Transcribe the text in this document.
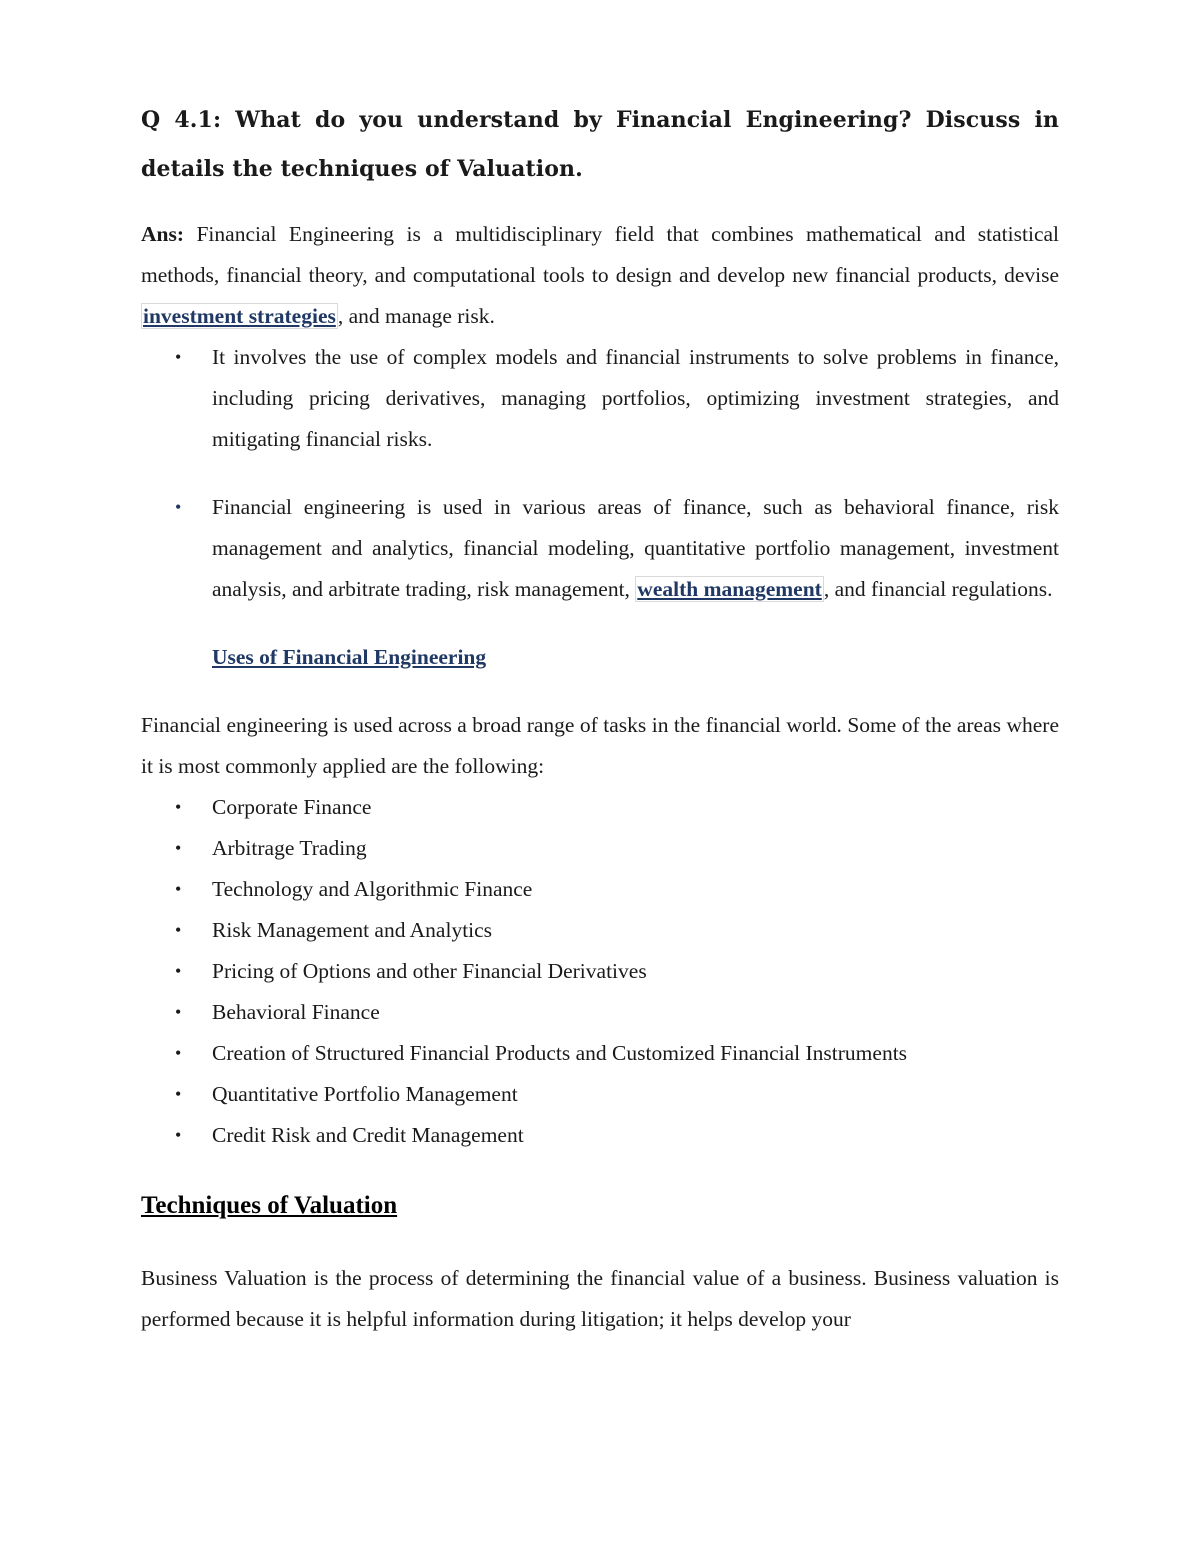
Q 4.1: What do you understand by Financial Engineering? Discuss in details the techniques of Valuation.

Ans: Financial Engineering is a multidisciplinary field that combines mathematical and statistical methods, financial theory, and computational tools to design and develop new financial products, devise investment strategies, and manage risk.

•	It involves the use of complex models and financial instruments to solve problems in finance, including pricing derivatives, managing portfolios, optimizing investment strategies, and mitigating financial risks.
•	Financial engineering is used in various areas of finance, such as behavioral finance, risk management and analytics, financial modeling, quantitative portfolio management, investment analysis, and arbitrate trading, risk management, wealth management, and financial regulations.
Uses of Financial Engineering

Financial engineering is used across a broad range of tasks in the financial world. Some of the areas where it is most commonly applied are the following:

•	Corporate Finance
•	Arbitrage Trading
•	Technology and Algorithmic Finance
•	Risk Management and Analytics
•	Pricing of Options and other Financial Derivatives
•	Behavioral Finance
•	Creation of Structured Financial Products and Customized Financial Instruments
•	Quantitative Portfolio Management
•	Credit Risk and Credit Management
Techniques of Valuation

Business Valuation is the process of determining the financial value of a business. Business valuation is performed because it is helpful information during litigation; it helps develop your
